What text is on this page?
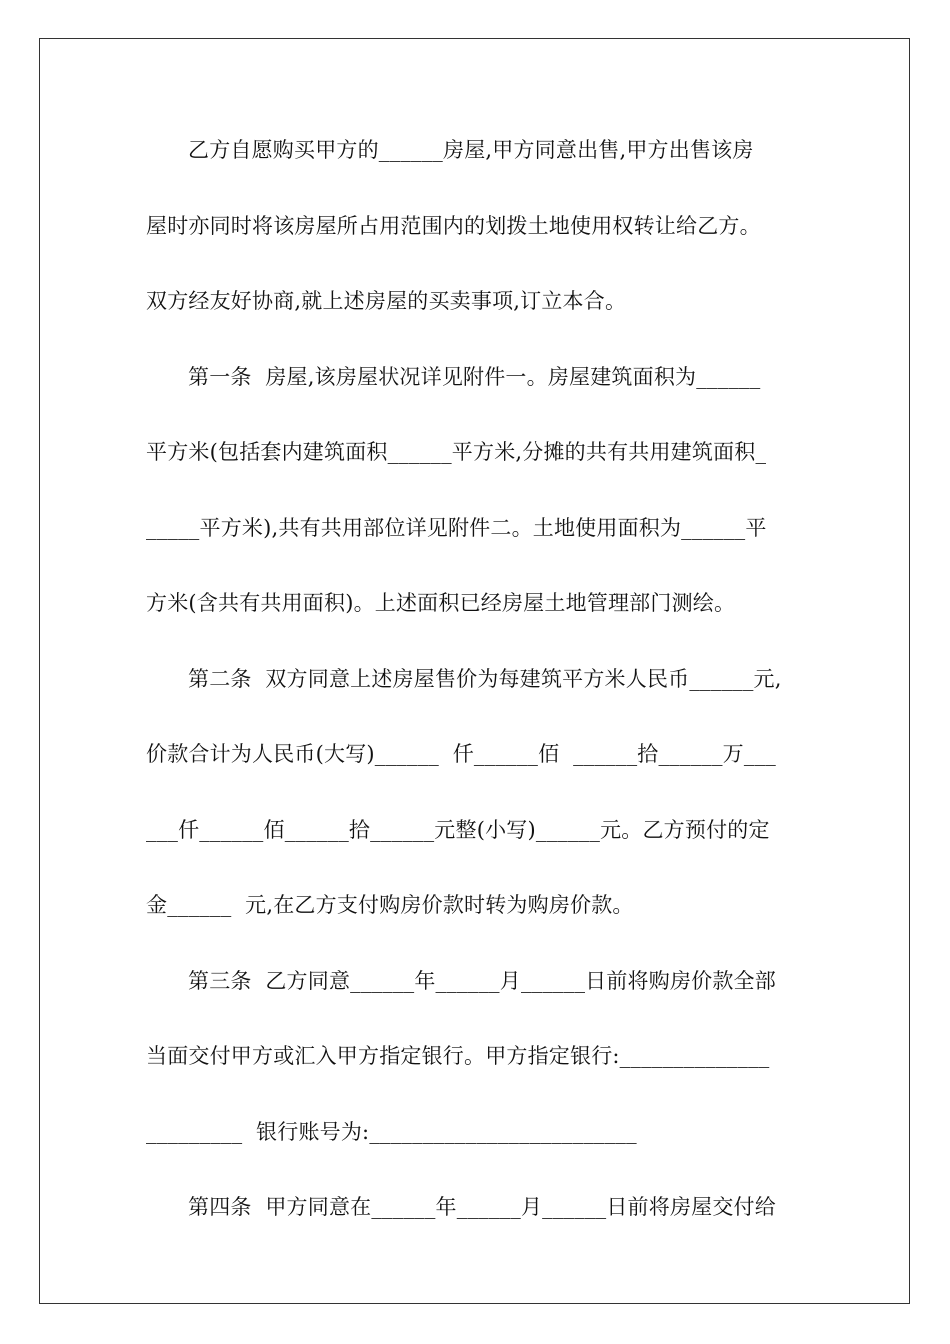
乙方自愿购买甲方的______房屋,甲方同意出售,甲方出售该房
屋时亦同时将该房屋所占用范围内的划拨土地使用权转让给乙方。
双方经友好协商,就上述房屋的买卖事项,订立本合。
第一条  房屋,该房屋状况详见附件一。房屋建筑面积为______
平方米(包括套内建筑面积______平方米,分摊的共有共用建筑面积_
_____平方米),共有共用部位详见附件二。土地使用面积为______平
方米(含共有共用面积)。上述面积已经房屋土地管理部门测绘。
第二条  双方同意上述房屋售价为每建筑平方米人民币______元,
价款合计为人民币(大写)______  仟______佰  ______拾______万___
___仟______佰______拾______元整(小写)______元。乙方预付的定
金______  元,在乙方支付购房价款时转为购房价款。
第三条  乙方同意______年______月______日前将购房价款全部
当面交付甲方或汇入甲方指定银行。甲方指定银行:______________
_________  银行账号为:_________________________
第四条  甲方同意在______年______月______日前将房屋交付给
